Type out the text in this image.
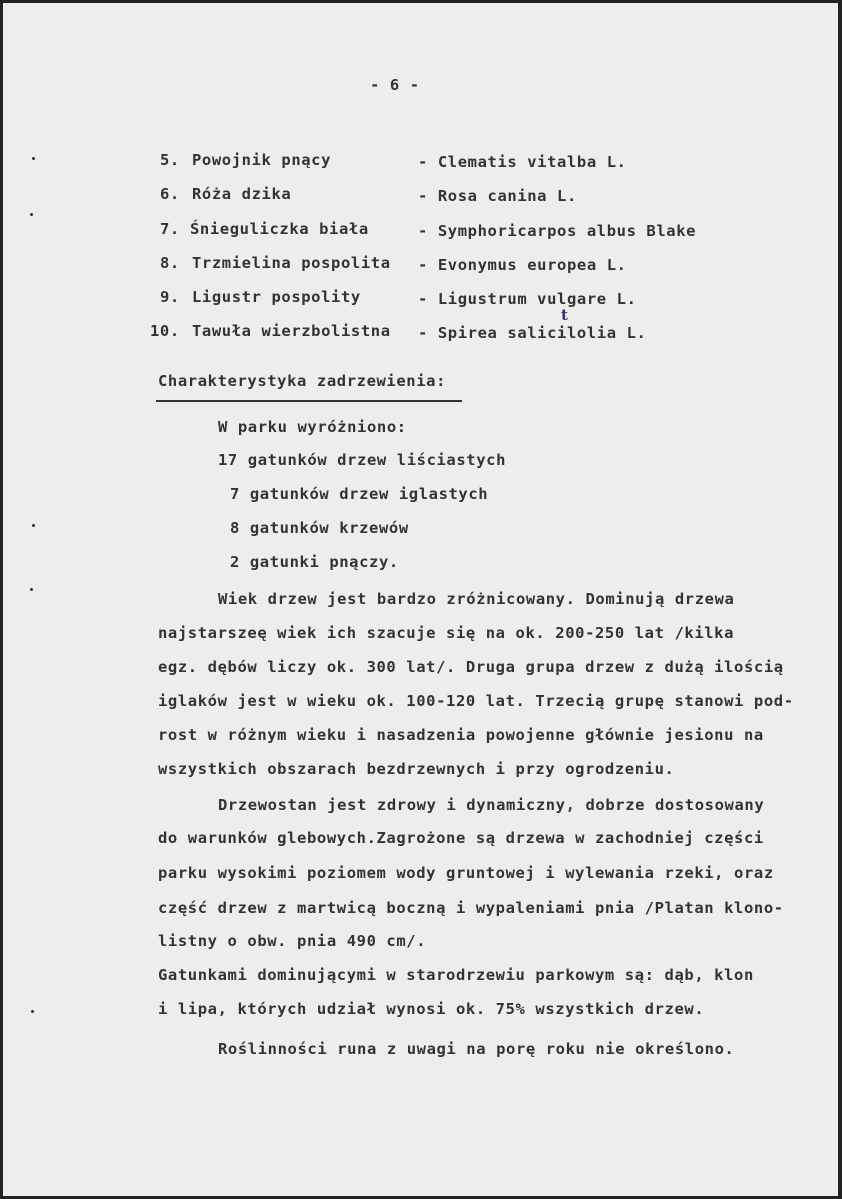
- 6 -
5. Powojnik pnący	- Clematis vitalba L.
6. Róża dzika	- Rosa canina L.
7. Śnieguliczka biała	- Symphoricarpos albus Blake
8. Trzmielina pospolita - Evonymus europea L.
9. Ligustr pospolity	- Ligustrum vulgare L.
10. Tawuła wierzbolistna - Spirea salicilolia L.
t
Charakterystyka zadrzewienia:
W parku wyróżniono:
17 gatunków drzew liściastych
7 gatunków drzew iglastych
8 gatunków krzewów
2 gatunki pnączy.
Wiek drzew jest bardzo zróżnicowany. Dominują drzewa
najstarszeę wiek ich szacuje się na ok. 200-250 lat /kilka
egz. dębów liczy ok. 300 lat/. Druga grupa drzew z dużą ilością
iglaków jest w wieku ok. 100-120 lat. Trzecią grupę stanowi pod-
rost w różnym wieku i nasadzenia powojenne głównie jesionu na
wszystkich obszarach bezdrzewnych i przy ogrodzeniu.
Drzewostan jest zdrowy i dynamiczny, dobrze dostosowany
do warunków glebowych.Zagrożone są drzewa w zachodniej części
parku wysokimi poziomem wody gruntowej i wylewania rzeki, oraz
część drzew z martwicą boczną i wypaleniami pnia /Platan klono-
listny o obw. pnia 490 cm/.
Gatunkami dominującymi w starodrzewiu parkowym są: dąb, klon
i lipa, których udział wynosi ok. 75% wszystkich drzew.
Roślinności runa z uwagi na porę roku nie określono.
